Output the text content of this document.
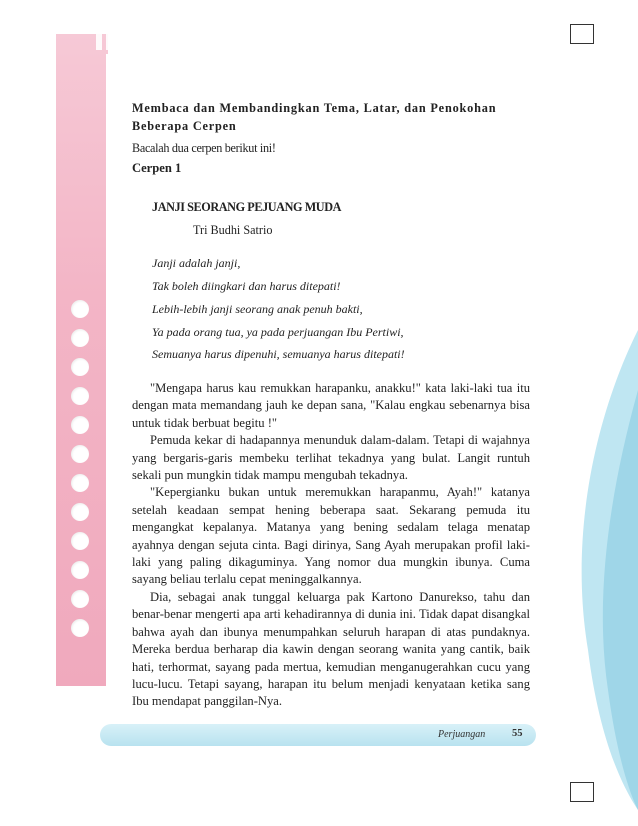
Membaca dan Membandingkan Tema, Latar, dan Penokohan
Beberapa Cerpen
Bacalah dua cerpen berikut ini!
Cerpen 1
JANJI SEORANG PEJUANG MUDA
Tri Budhi Satrio
Janji adalah janji,
Tak boleh diingkari dan harus ditepati!
Lebih-lebih janji seorang anak penuh bakti,
Ya pada orang tua, ya pada perjuangan Ibu Pertiwi,
Semuanya harus dipenuhi, semuanya harus ditepati!

"Mengapa harus kau remukkan harapanku, anakku!" kata laki-laki tua itu dengan mata memandang jauh ke depan sana, "Kalau engkau sebenarnya bisa untuk tidak berbuat begitu !"

Pemuda kekar di hadapannya menunduk dalam-dalam. Tetapi di wajahnya yang bergaris-garis membeku terlihat tekadnya yang bulat. Langit runtuh sekali pun mungkin tidak mampu mengubah tekadnya.

"Kepergianku bukan untuk meremukkan harapanmu, Ayah!" katanya setelah keadaan sempat hening beberapa saat. Sekarang pemuda itu mengangkat kepalanya. Matanya yang bening sedalam telaga menatap ayahnya dengan sejuta cinta. Bagi dirinya, Sang Ayah merupakan profil laki-laki yang paling dikaguminya. Yang nomor dua mungkin ibunya. Cuma sayang beliau terlalu cepat meninggalkannya.

Dia, sebagai anak tunggal keluarga pak Kartono Danurekso, tahu dan benar-benar mengerti apa arti kehadirannya di dunia ini. Tidak dapat disangkal bahwa ayah dan ibunya menumpahkan seluruh harapan di atas pundaknya. Mereka berdua berharap dia kawin dengan seorang wanita yang cantik, baik hati, terhormat, sayang pada mertua, kemudian menganugerahkan cucu yang lucu-lucu. Tetapi sayang, harapan itu belum menjadi kenyataan ketika sang Ibu mendapat panggilan-Nya.

Perjuangan	55
